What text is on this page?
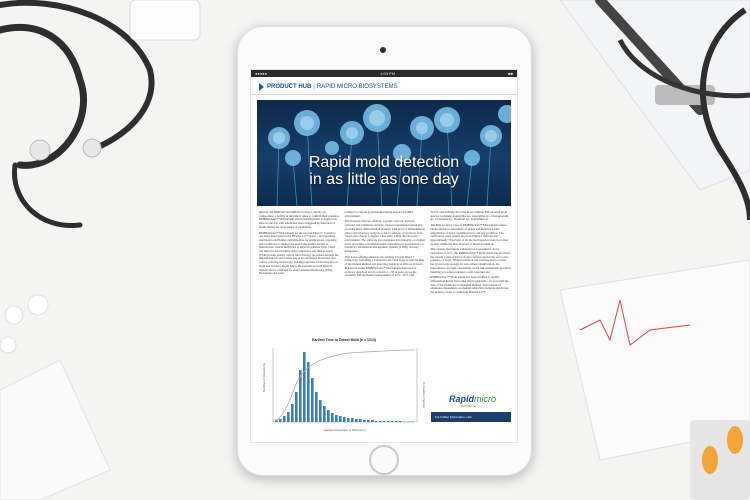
●●●●●	1:04 PM	■■
PRODUCT HUB | RAPID MICRO BIOSYSTEMS
Rapid mold detection
in as little as one day

QUICK TO SPREAD and difficult to detect, molds can compromise a facility in the time it takes to confirm their presence. RMBNucleus™ Mold Alarm allows investigations to begin in as little as one day with automated alerts triggered by detection of molds during the early stages of incubation.

RMBNucleus™ Mold Alarm for the Growth Direct® System is our latest innovation in the Pharma 4.0™ space – incorporating automation and further customization for notifications, reporting and workflows to support the speed and quality needed to manufacture critical medicines to improve patients' lives. Users can improve data integrity (DI) compliance and time to result (TTR) in their quality control microbiology procedure through the implementation and routine use of an automated incubation and colony counting technology, yielding rapid microbial detection of mold and bacteria. Rapid Micro Biosystems' Growth Direct® System can be validated for environmental monitoring (EM), Bioburden and water

testing in a current good manufacturing practice (cGMP) environment.

The licensed software offering, together with our standard software and validation services, ensures transmission speed and provides faster differentiation of mold. This level of differentiation allows microbiology analysts to detect adverse occurrences from visual plate checks to higher value tasks within the laboratory environment. The software also maintains data integrity at a higher level, providing a parameterization assessment of mold directly to laboratory information management systems (LIMS) via easy integration.

This novel offering enhances the existing Growth Direct® technology, providing a validated total count in up to half the time of the manual method and detecting molds in as little as 24 hours. In a recent study, RMBNucleus™ Mold Alarm delivered an accuracy detection level for mold of ≥ 95 percent across the extensive EM incubation temperatures of 22°C, 30°C and

32.5°C and utilizing 34 of the most common EM-reported mold species, including Aspergillus sp., Aspergillus sp., Cladosporium sp., Curvularia sp., Fusarium sp., Penicillium sp.

The high accuracy rates of RMBNucleus™ Mold Alarm reduce labour-intensive assessment of plates and facilitate earlier remediation of mold contamination to aid any workflow. The verification study results shown in Figure 1 indicate that approximately 70 percent of all the mold species tested provided an alert within the first 24 hours of initial incubation.

This ensures that before a manual read assessment can be performed at 22°C, the RMBNucleus™ Mold Alarm has provided the current count of microcolonies and has alerted the user to the presence of mold. While incubation can continue until a colony has grown large enough for sub-culture identification, the remediation can begin, depending on the risk assessment and mold handling procedures unique to each customer site.

RMBNucleus™ Mold Alarm has been certified to rapidly differentiate molds from other microorganisms – in up to half the time of the traditional compendial method. This reduces or eliminates dependence on manual subjective methods and moves the industry closer to achieving Pharma 4.0™.

Earliest Time to Detect Mold (n = 1213)
Number of Detections
Cumulative Percent
Earliest Detection of Mold (hrs)
Rapid micro
biosystems
For further information, visit
